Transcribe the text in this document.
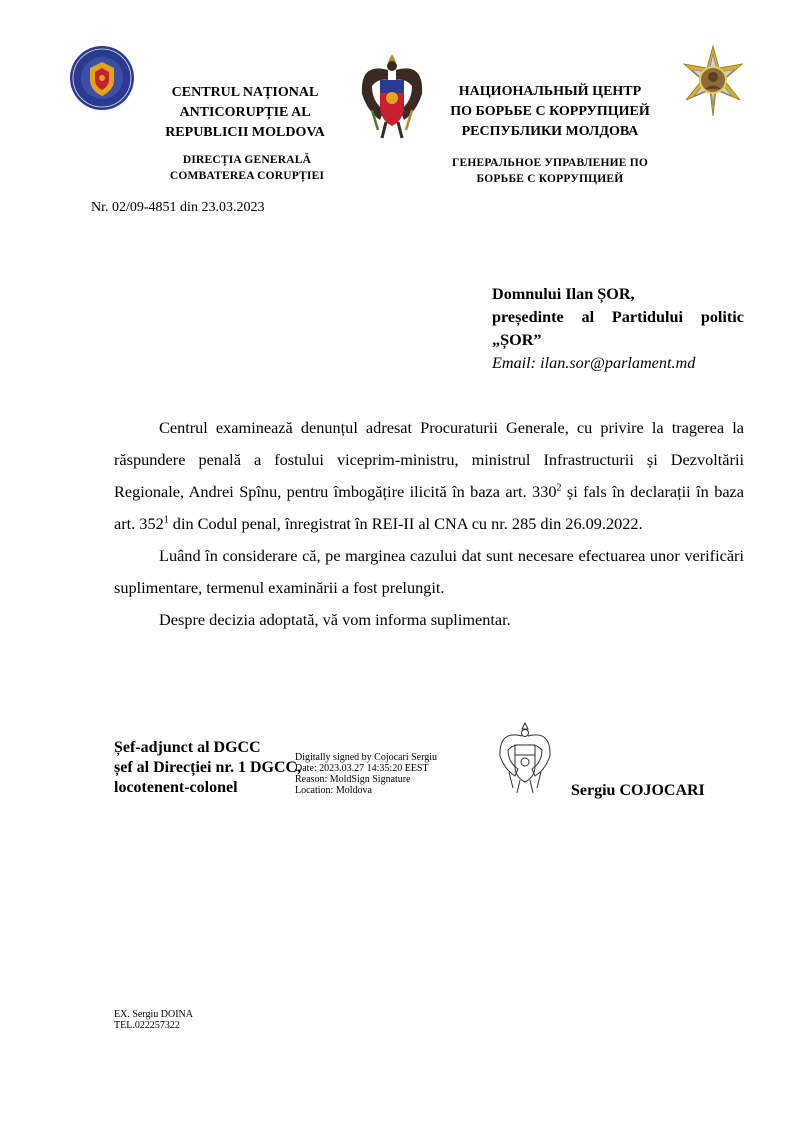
CENTRUL NAȚIONAL
ANTICORUPȚIE AL
REPUBLICII MOLDOVA
DIRECȚIA GENERALĂ
COMBATEREA CORUPȚIEI
НАЦИОНАЛЬНЫЙ ЦЕНТР
ПО БОРЬБЕ С КОРРУПЦИЕЙ
РЕСПУБЛИКИ МОЛДОВА
ГЕНЕРАЛЬНОЕ УПРАВЛЕНИЕ ПО
БОРЬБЕ С КОРРУПЦИЕЙ
Nr. 02/09-4851 din 23.03.2023
Domnului Ilan ȘOR,
președinte al Partidului politic
„ȘOR”
Email: ilan.sor@parlament.md

Centrul examinează denunțul adresat Procuraturii Generale, cu privire la tragerea la răspundere penală a fostului viceprim-ministru, ministrul Infrastructurii și Dezvoltării Regionale, Andrei Spînu, pentru îmbogățire ilicită în baza art. $330^2$ și fals în declarații în baza art. $352^1$ din Codul penal, înregistrat în REI-II al CNA cu nr. 285 din 26.09.2022.

Luând în considerare că, pe marginea cazului dat sunt necesare efectuarea unor verificări suplimentare, termenul examinării a fost prelungit.

Despre decizia adoptată, vă vom informa suplimentar.

Șef-adjunct al DGCC
șef al Direcției nr. 1 DGCC,
locotenent-colonel
Digitally signed by Cojocari Sergiu
Date: 2023.03.27 14:35:20 EEST
Reason: MoldSign Signature
Location: Moldova	Sergiu COJOCARI
EX. Sergiu DOINA
TEL.022257322
